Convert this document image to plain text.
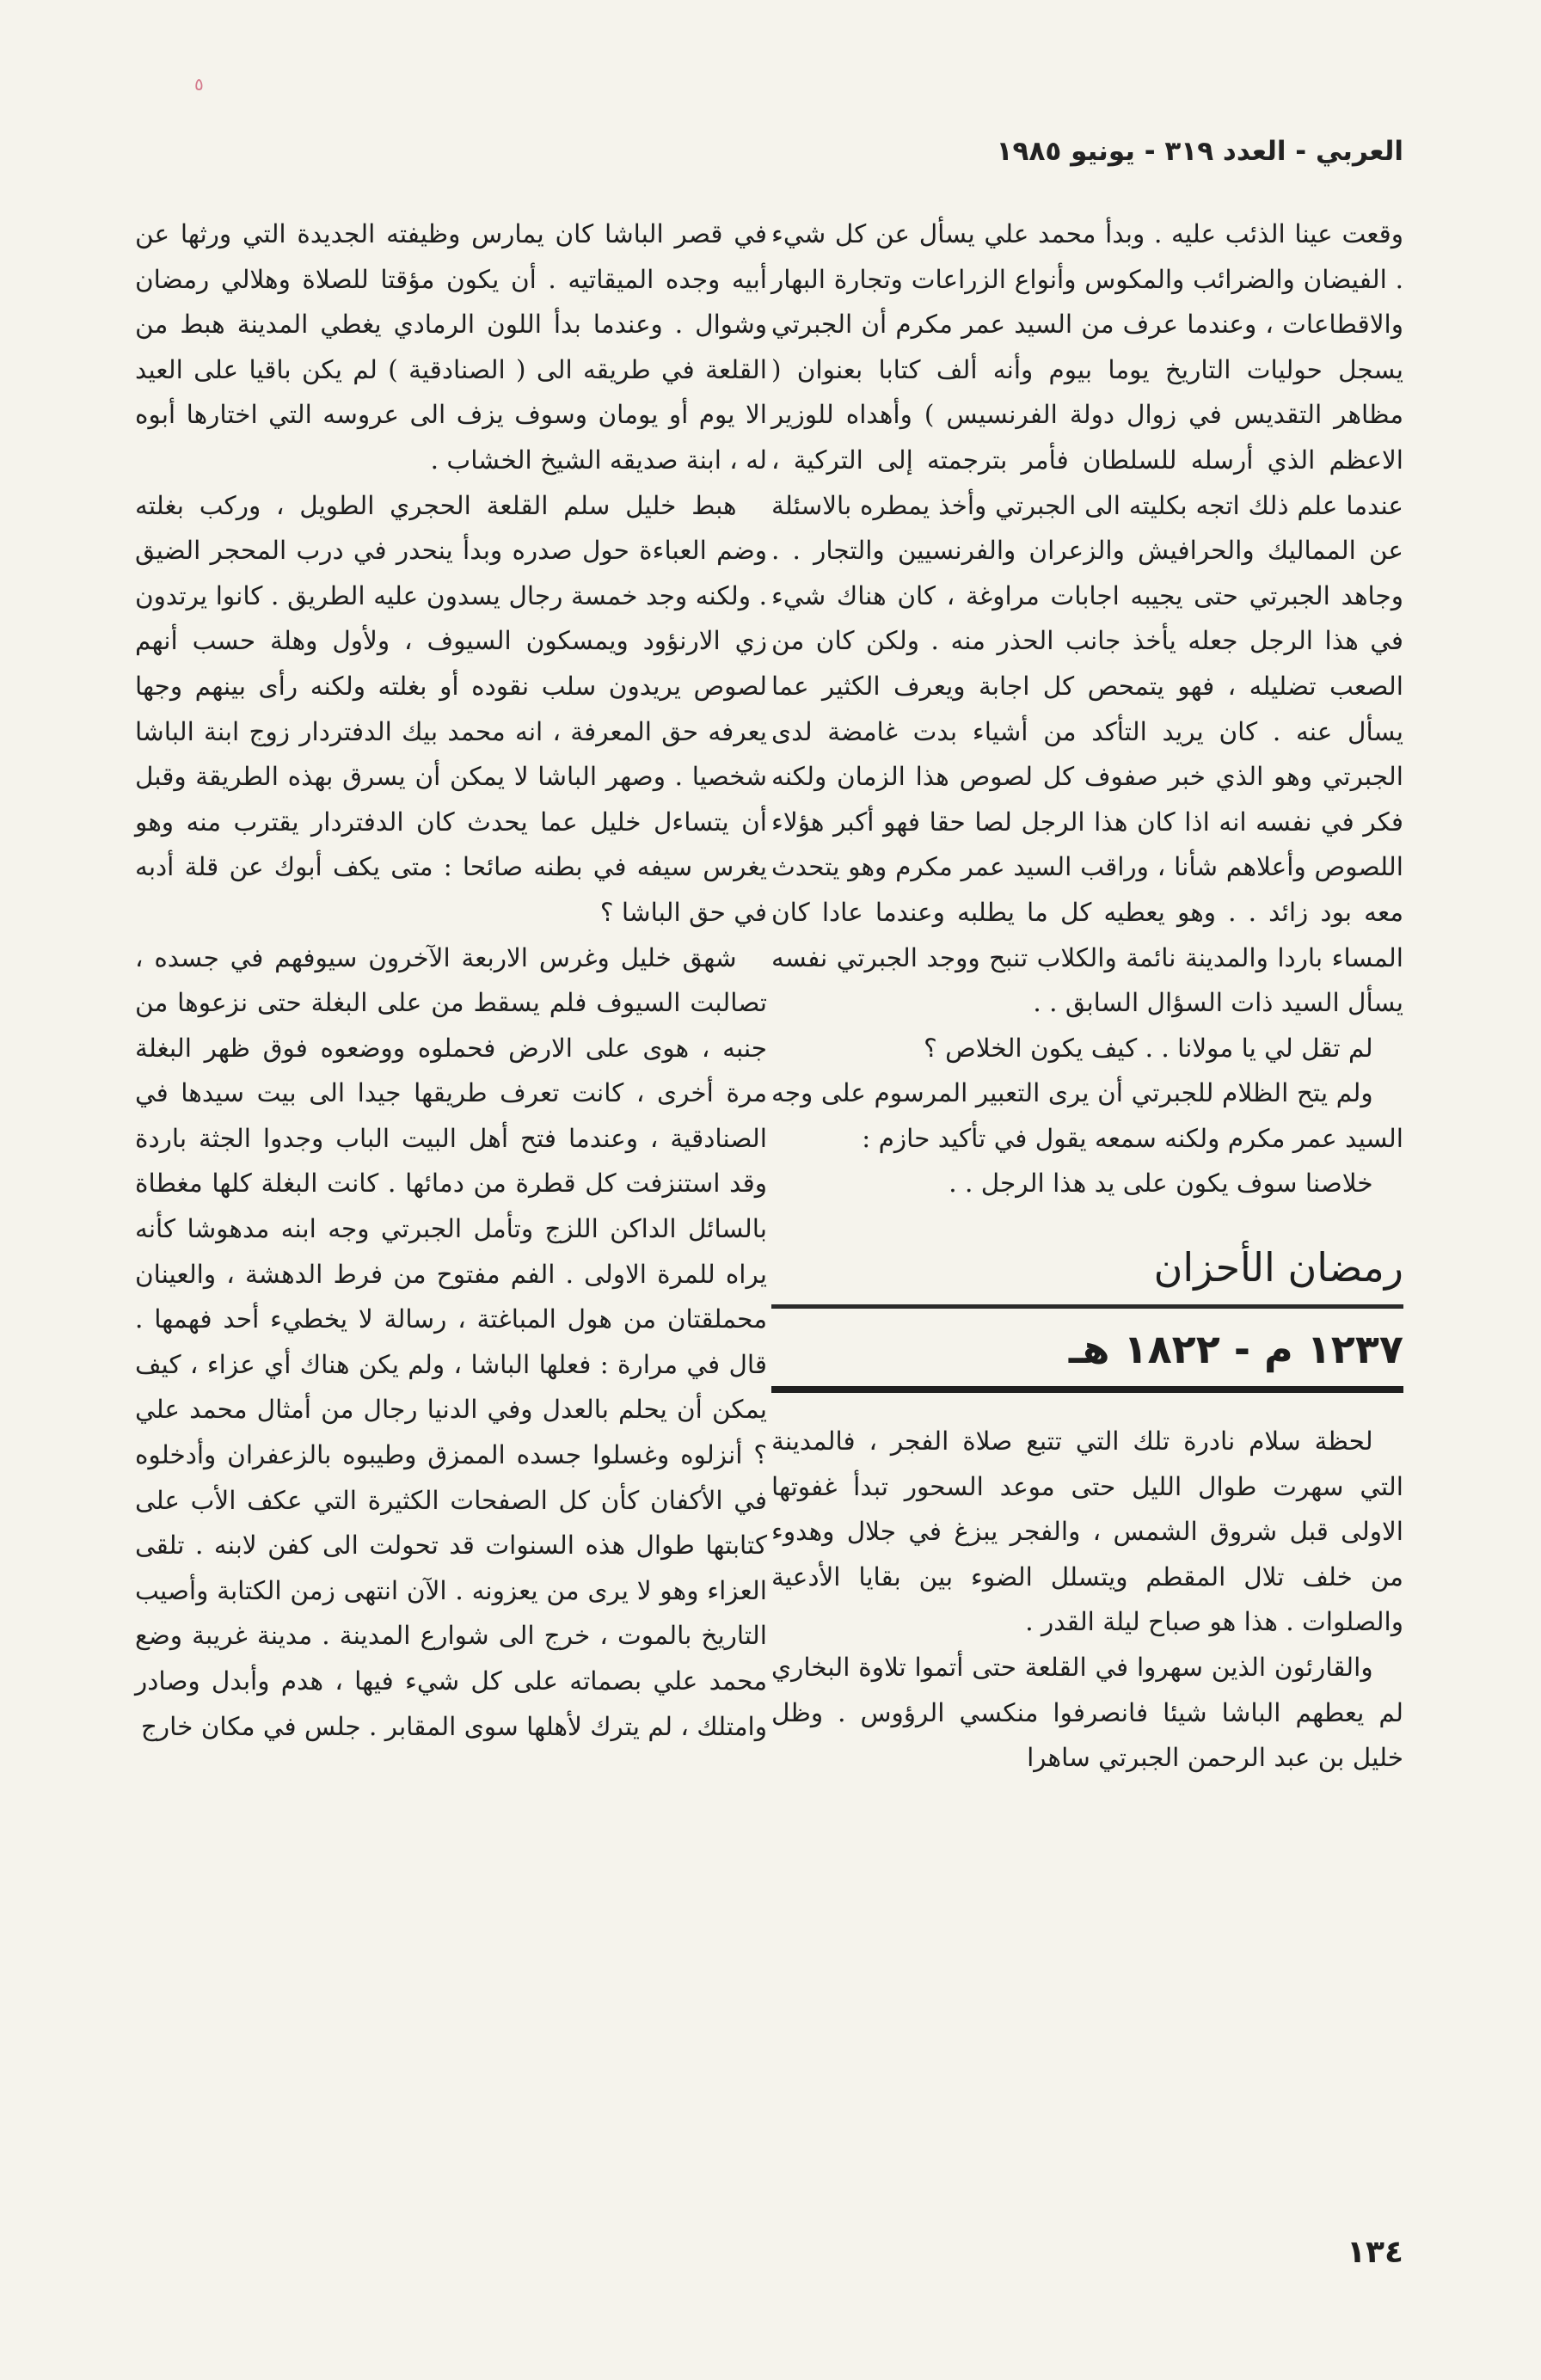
٥
العربي - العدد ٣١٩ - يونيو ١٩٨٥

وقعت عينا الذئب عليه . وبدأ محمد علي يسأل عن كل شيء . الفيضان والضرائب والمكوس وأنواع الزراعات وتجارة البهار والاقطاعات ، وعندما عرف من السيد عمر مكرم أن الجبرتي يسجل حوليات التاريخ يوما بيوم وأنه ألف كتابا بعنوان ( مظاهر التقديس في زوال دولة الفرنسيس ) وأهداه للوزير الاعظم الذي أرسله للسلطان فأمر بترجمته إلى التركية ، عندما علم ذلك اتجه بكليته الى الجبرتي وأخذ يمطره بالاسئلة عن المماليك والحرافيش والزعران والفرنسيين والتجار . . وجاهد الجبرتي حتى يجيبه اجابات مراوغة ، كان هناك شيء في هذا الرجل جعله يأخذ جانب الحذر منه . ولكن كان من الصعب تضليله ، فهو يتمحص كل اجابة ويعرف الكثير عما يسأل عنه . كان يريد التأكد من أشياء بدت غامضة لدى الجبرتي وهو الذي خبر صفوف كل لصوص هذا الزمان ولكنه فكر في نفسه انه اذا كان هذا الرجل لصا حقا فهو أكبر هؤلاء اللصوص وأعلاهم شأنا ، وراقب السيد عمر مكرم وهو يتحدث معه بود زائد . . وهو يعطيه كل ما يطلبه وعندما عادا كان المساء باردا والمدينة نائمة والكلاب تنبح ووجد الجبرتي نفسه يسأل السيد ذات السؤال السابق . .

لم تقل لي يا مولانا . . كيف يكون الخلاص ؟

ولم يتح الظلام للجبرتي أن يرى التعبير المرسوم على وجه السيد عمر مكرم ولكنه سمعه يقول في تأكيد حازم :

خلاصنا سوف يكون على يد هذا الرجل . .

رمضان الأحزان
١٢٣٧ م - ١٨٢٢ هـ

لحظة سلام نادرة تلك التي تتبع صلاة الفجر ، فالمدينة التي سهرت طوال الليل حتى موعد السحور تبدأ غفوتها الاولى قبل شروق الشمس ، والفجر يبزغ في جلال وهدوء من خلف تلال المقطم ويتسلل الضوء بين بقايا الأدعية والصلوات . هذا هو صباح ليلة القدر .

والقارئون الذين سهروا في القلعة حتى أتموا تلاوة البخاري لم يعطهم الباشا شيئا فانصرفوا منكسي الرؤوس . وظل خليل بن عبد الرحمن الجبرتي ساهرا

في قصر الباشا كان يمارس وظيفته الجديدة التي ورثها عن أبيه وجده الميقاتيه . أن يكون مؤقتا للصلاة وهلالي رمضان وشوال . وعندما بدأ اللون الرمادي يغطي المدينة هبط من القلعة في طريقه الى ( الصنادقية ) لم يكن باقيا على العيد الا يوم أو يومان وسوف يزف الى عروسه التي اختارها أبوه له ، ابنة صديقه الشيخ الخشاب .

هبط خليل سلم القلعة الحجري الطويل ، وركب بغلته وضم العباءة حول صدره وبدأ ينحدر في درب المحجر الضيق . ولكنه وجد خمسة رجال يسدون عليه الطريق . كانوا يرتدون زي الارنؤود ويمسكون السيوف ، ولأول وهلة حسب أنهم لصوص يريدون سلب نقوده أو بغلته ولكنه رأى بينهم وجها يعرفه حق المعرفة ، انه محمد بيك الدفتردار زوج ابنة الباشا شخصيا . وصهر الباشا لا يمكن أن يسرق بهذه الطريقة وقبل أن يتساءل خليل عما يحدث كان الدفتردار يقترب منه وهو يغرس سيفه في بطنه صائحا : متى يكف أبوك عن قلة أدبه في حق الباشا ؟

شهق خليل وغرس الاربعة الآخرون سيوفهم في جسده ، تصالبت السيوف فلم يسقط من على البغلة حتى نزعوها من جنبه ، هوى على الارض فحملوه ووضعوه فوق ظهر البغلة مرة أخرى ، كانت تعرف طريقها جيدا الى بيت سيدها في الصنادقية ، وعندما فتح أهل البيت الباب وجدوا الجثة باردة وقد استنزفت كل قطرة من دمائها . كانت البغلة كلها مغطاة بالسائل الداكن اللزج وتأمل الجبرتي وجه ابنه مدهوشا كأنه يراه للمرة الاولى . الفم مفتوح من فرط الدهشة ، والعينان محملقتان من هول المباغتة ، رسالة لا يخطيء أحد فهمها . قال في مرارة : فعلها الباشا ، ولم يكن هناك أي عزاء ، كيف يمكن أن يحلم بالعدل وفي الدنيا رجال من أمثال محمد علي ؟ أنزلوه وغسلوا جسده الممزق وطيبوه بالزعفران وأدخلوه في الأكفان كأن كل الصفحات الكثيرة التي عكف الأب على كتابتها طوال هذه السنوات قد تحولت الى كفن لابنه . تلقى العزاء وهو لا يرى من يعزونه . الآن انتهى زمن الكتابة وأصيب التاريخ بالموت ، خرج الى شوارع المدينة . مدينة غريبة وضع محمد علي بصماته على كل شيء فيها ، هدم وأبدل وصادر وامتلك ، لم يترك لأهلها سوى المقابر . جلس في مكان خارج

١٣٤
